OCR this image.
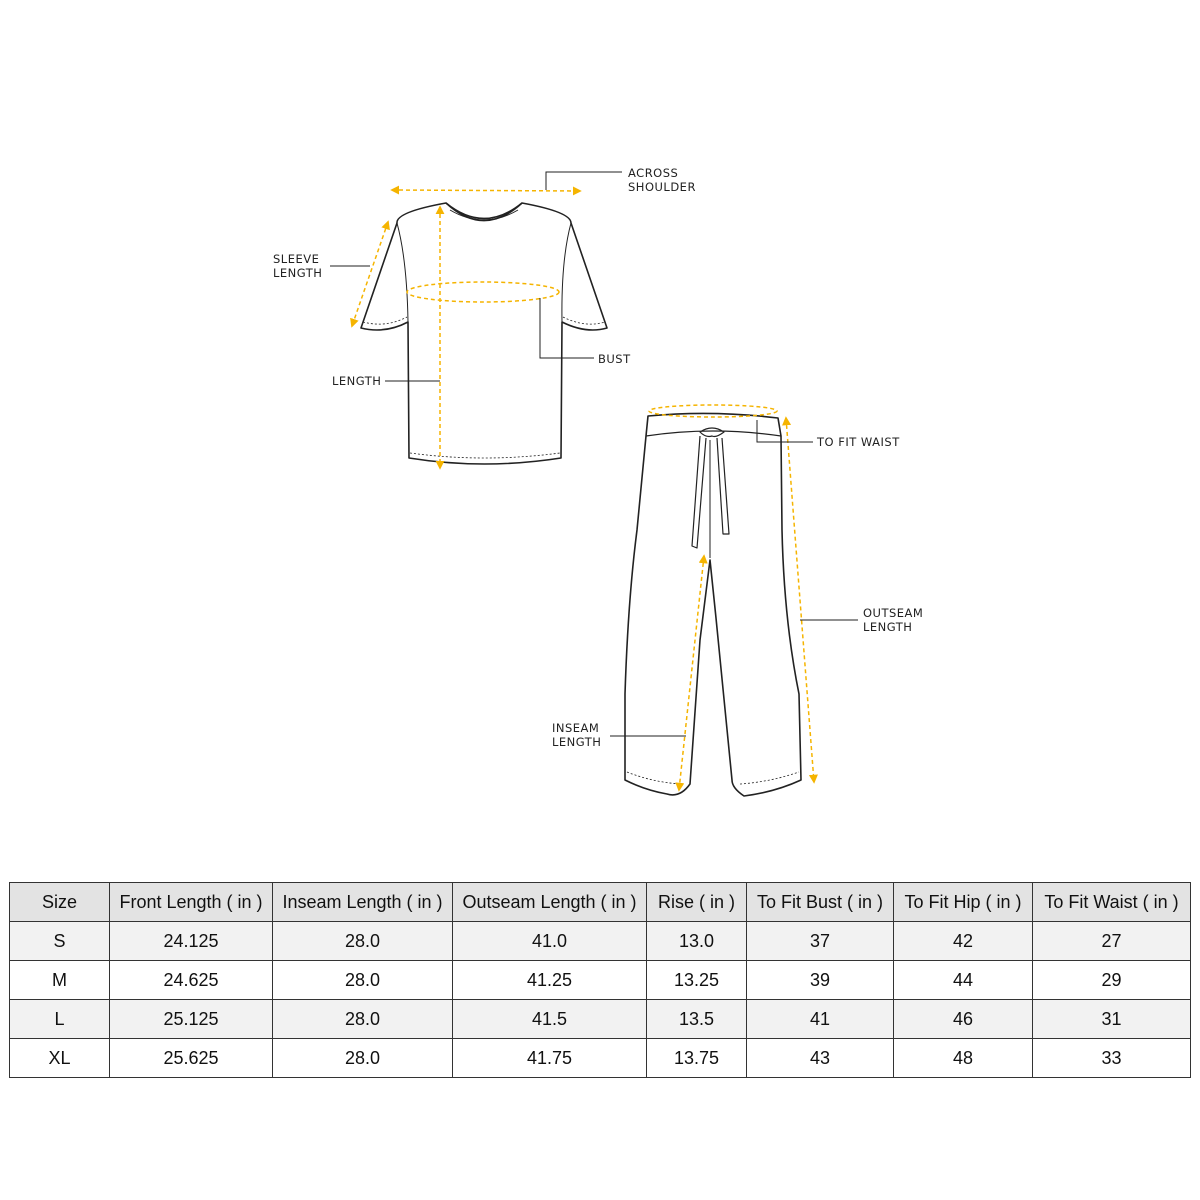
ACROSS
SHOULDER
SLEEVE
LENGTH
BUST
LENGTH
TO FIT WAIST
OUTSEAM
LENGTH
INSEAM
LENGTH
Size	Front Length ( in )	Inseam Length ( in )	Outseam Length ( in )	Rise ( in )	To Fit Bust ( in )	To Fit Hip ( in )	To Fit Waist ( in )
S	24.125	28.0	41.0	13.0	37	42	27
M	24.625	28.0	41.25	13.25	39	44	29
L	25.125	28.0	41.5	13.5	41	46	31
XL	25.625	28.0	41.75	13.75	43	48	33
